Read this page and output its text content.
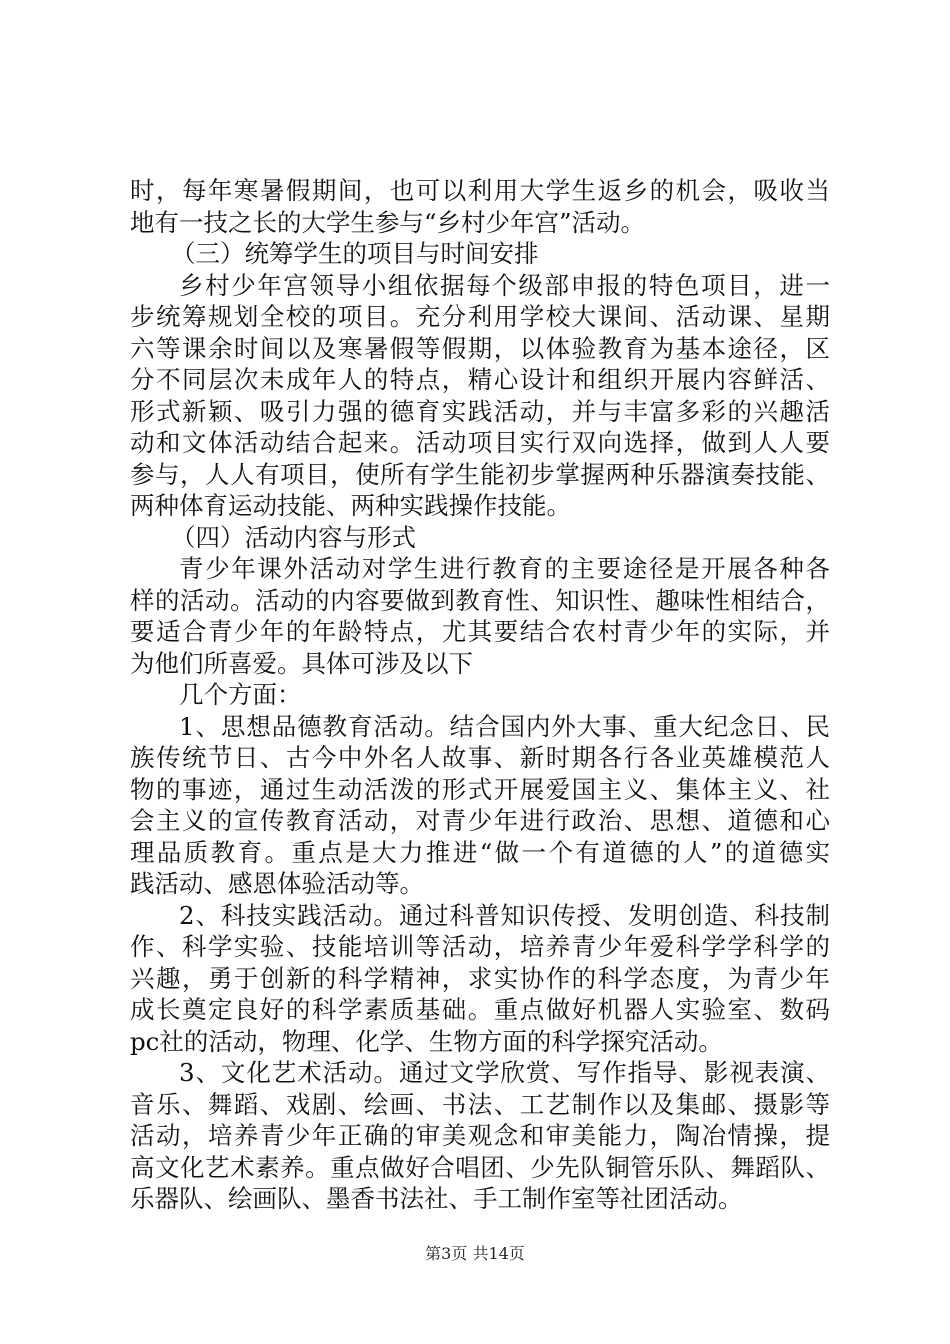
时，每年寒暑假期间，也可以利用大学生返乡的机会，吸收当
地有一技之长的大学生参与“乡村少年宫”活动。
（三）统筹学生的项目与时间安排
乡村少年宫领导小组依据每个级部申报的特色项目，进一
步统筹规划全校的项目。充分利用学校大课间、活动课、星期
六等课余时间以及寒暑假等假期，以体验教育为基本途径，区
分不同层次未成年人的特点，精心设计和组织开展内容鲜活、
形式新颖、吸引力强的德育实践活动，并与丰富多彩的兴趣活
动和文体活动结合起来。活动项目实行双向选择，做到人人要
参与，人人有项目，使所有学生能初步掌握两种乐器演奏技能、
两种体育运动技能、两种实践操作技能。
（四）活动内容与形式
青少年课外活动对学生进行教育的主要途径是开展各种各
样的活动。活动的内容要做到教育性、知识性、趣味性相结合，
要适合青少年的年龄特点，尤其要结合农村青少年的实际，并
为他们所喜爱。具体可涉及以下
几个方面：
1、思想品德教育活动。结合国内外大事、重大纪念日、民
族传统节日、古今中外名人故事、新时期各行各业英雄模范人
物的事迹，通过生动活泼的形式开展爱国主义、集体主义、社
会主义的宣传教育活动，对青少年进行政治、思想、道德和心
理品质教育。重点是大力推进“做一个有道德的人”的道德实
践活动、感恩体验活动等。
2、科技实践活动。通过科普知识传授、发明创造、科技制
作、科学实验、技能培训等活动，培养青少年爱科学学科学的
兴趣，勇于创新的科学精神，求实协作的科学态度，为青少年
成长奠定良好的科学素质基础。重点做好机器人实验室、数码
pc社的活动，物理、化学、生物方面的科学探究活动。
3、文化艺术活动。通过文学欣赏、写作指导、影视表演、
音乐、舞蹈、戏剧、绘画、书法、工艺制作以及集邮、摄影等
活动，培养青少年正确的审美观念和审美能力，陶冶情操，提
高文化艺术素养。重点做好合唱团、少先队铜管乐队、舞蹈队、
乐器队、绘画队、墨香书法社、手工制作室等社团活动。
第3页 共14页
